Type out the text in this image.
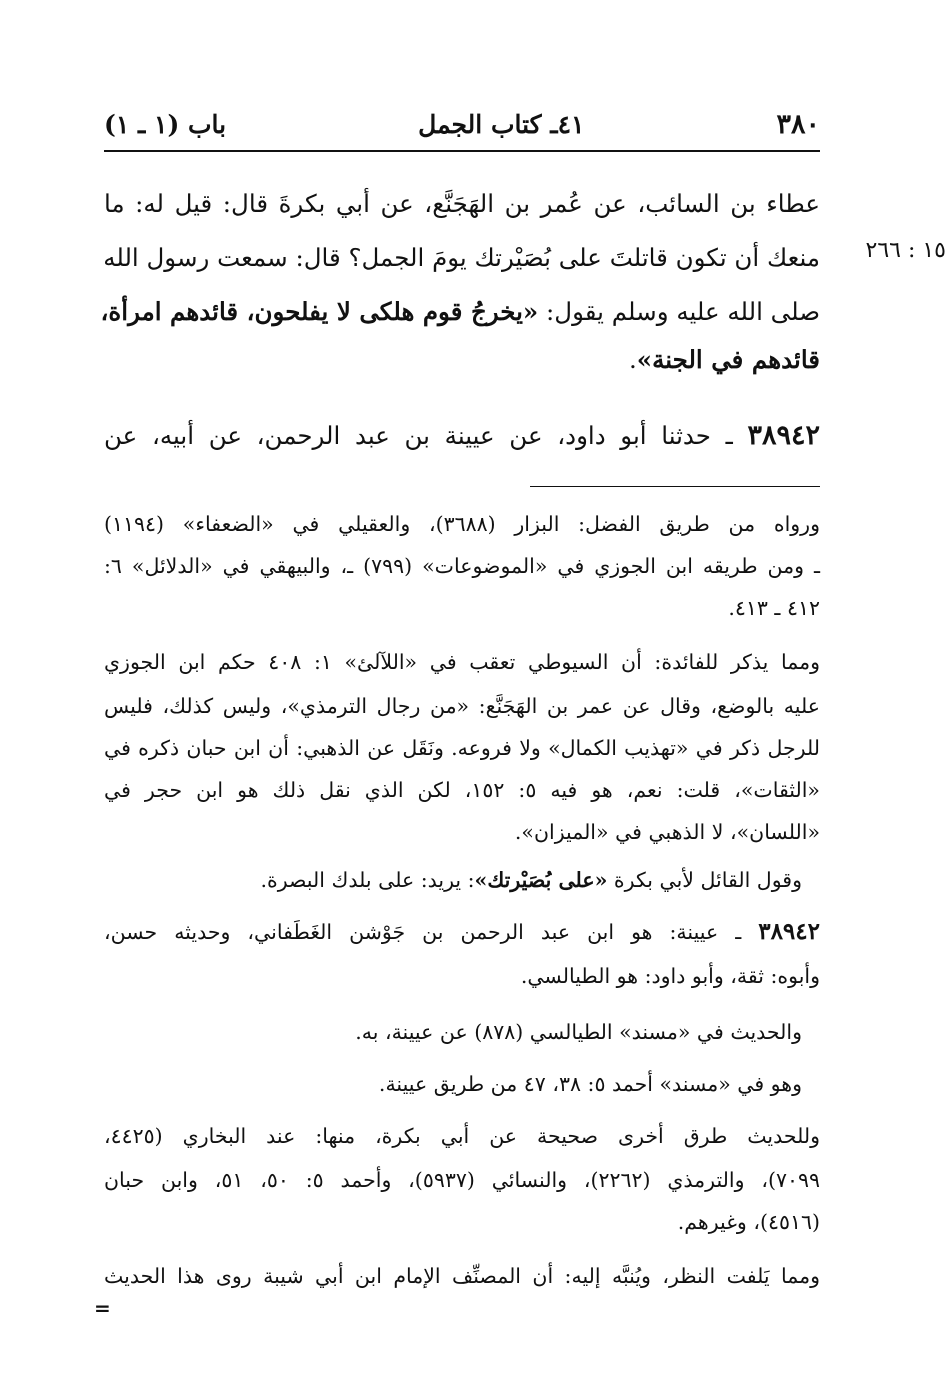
٣٨٠
٤١ـ كتاب الجمل
باب (١ ـ ١)
١٥ : ٢٦٦
عطاء بن السائب، عن عُمر بن الهَجَنَّع، عن أبي بكرةَ قال: قيل له: ما
منعك أن تكون قاتلتَ على بُصَيْرتك يومَ الجمل؟ قال: سمعت رسول الله
صلى الله عليه وسلم يقول: «يخرجُ قوم هلكى لا يفلحون، قائدهم امرأة،
قائدهم في الجنة».
٣٨٩٤٢ ـ حدثنا أبو داود، عن عيينة بن عبد الرحمن، عن أبيه، عن
ورواه من طريق الفضل: البزار (٣٦٨٨)، والعقيلي في «الضعفاء» (١١٩٤)
ـ ومن طريقه ابن الجوزي في «الموضوعات» (٧٩٩) ـ، والبيهقي في «الدلائل» ٦:
٤١٢ ـ ٤١٣.
ومما يذكر للفائدة: أن السيوطي تعقب في «اللآلئ» ١: ٤٠٨ حكم ابن الجوزي
عليه بالوضع، وقال عن عمر بن الهَجَنَّع: «من رجال الترمذي»، وليس كذلك، فليس
للرجل ذكر في «تهذيب الكمال» ولا فروعه. ونَقَل عن الذهبي: أن ابن حبان ذكره في
«الثقات»، قلت: نعم، هو فيه ٥: ١٥٢، لكن الذي نقل ذلك هو ابن حجر في
«اللسان»، لا الذهبي في «الميزان».
وقول القائل لأبي بكرة «على بُصَيْرتك»: يريد: على بلدك البصرة.
٣٨٩٤٢ ـ عيينة: هو ابن عبد الرحمن بن جَوْشن الغَطَفاني، وحديثه حسن،
وأبوه: ثقة، وأبو داود: هو الطيالسي.
والحديث في «مسند» الطيالسي (٨٧٨) عن عيينة، به.
وهو في «مسند» أحمد ٥: ٣٨، ٤٧ من طريق عيينة.
وللحديث طرق أخرى صحيحة عن أبي بكرة، منها: عند البخاري (٤٤٢٥،
٧٠٩٩)، والترمذي (٢٢٦٢)، والنسائي (٥٩٣٧)، وأحمد ٥: ٥٠، ٥١، وابن حبان
(٤٥١٦)، وغيرهم.
ومما يَلفت النظر، ويُنبَّه إليه: أن المصنِّف الإمام ابن أبي شيبة روى هذا الحديث
=
